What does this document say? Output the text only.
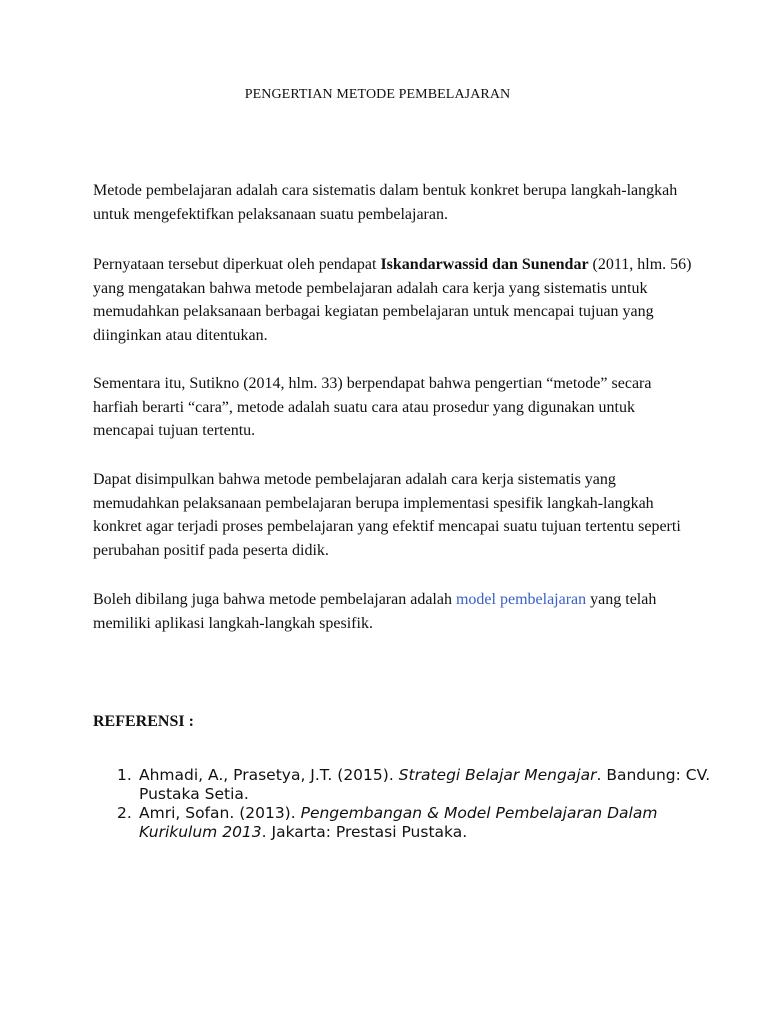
PENGERTIAN METODE PEMBELAJARAN

Metode pembelajaran adalah cara sistematis dalam bentuk konkret berupa langkah-langkah untuk mengefektifkan pelaksanaan suatu pembelajaran.

Pernyataan tersebut diperkuat oleh pendapat Iskandarwassid dan Sunendar (2011, hlm. 56) yang mengatakan bahwa metode pembelajaran adalah cara kerja yang sistematis untuk memudahkan pelaksanaan berbagai kegiatan pembelajaran untuk mencapai tujuan yang diinginkan atau ditentukan.

Sementara itu, Sutikno (2014, hlm. 33) berpendapat bahwa pengertian “metode” secara harfiah berarti “cara”, metode adalah suatu cara atau prosedur yang digunakan untuk mencapai tujuan tertentu.

Dapat disimpulkan bahwa metode pembelajaran adalah cara kerja sistematis yang memudahkan pelaksanaan pembelajaran berupa implementasi spesifik langkah-langkah konkret agar terjadi proses pembelajaran yang efektif mencapai suatu tujuan tertentu seperti perubahan positif pada peserta didik.

Boleh dibilang juga bahwa metode pembelajaran adalah model pembelajaran yang telah memiliki aplikasi langkah-langkah spesifik.

REFERENSI :

1. Ahmadi, A., Prasetya, J.T. (2015). Strategi Belajar Mengajar. Bandung: CV. Pustaka Setia.
2. Amri, Sofan. (2013). Pengembangan & Model Pembelajaran Dalam Kurikulum 2013. Jakarta: Prestasi Pustaka.
